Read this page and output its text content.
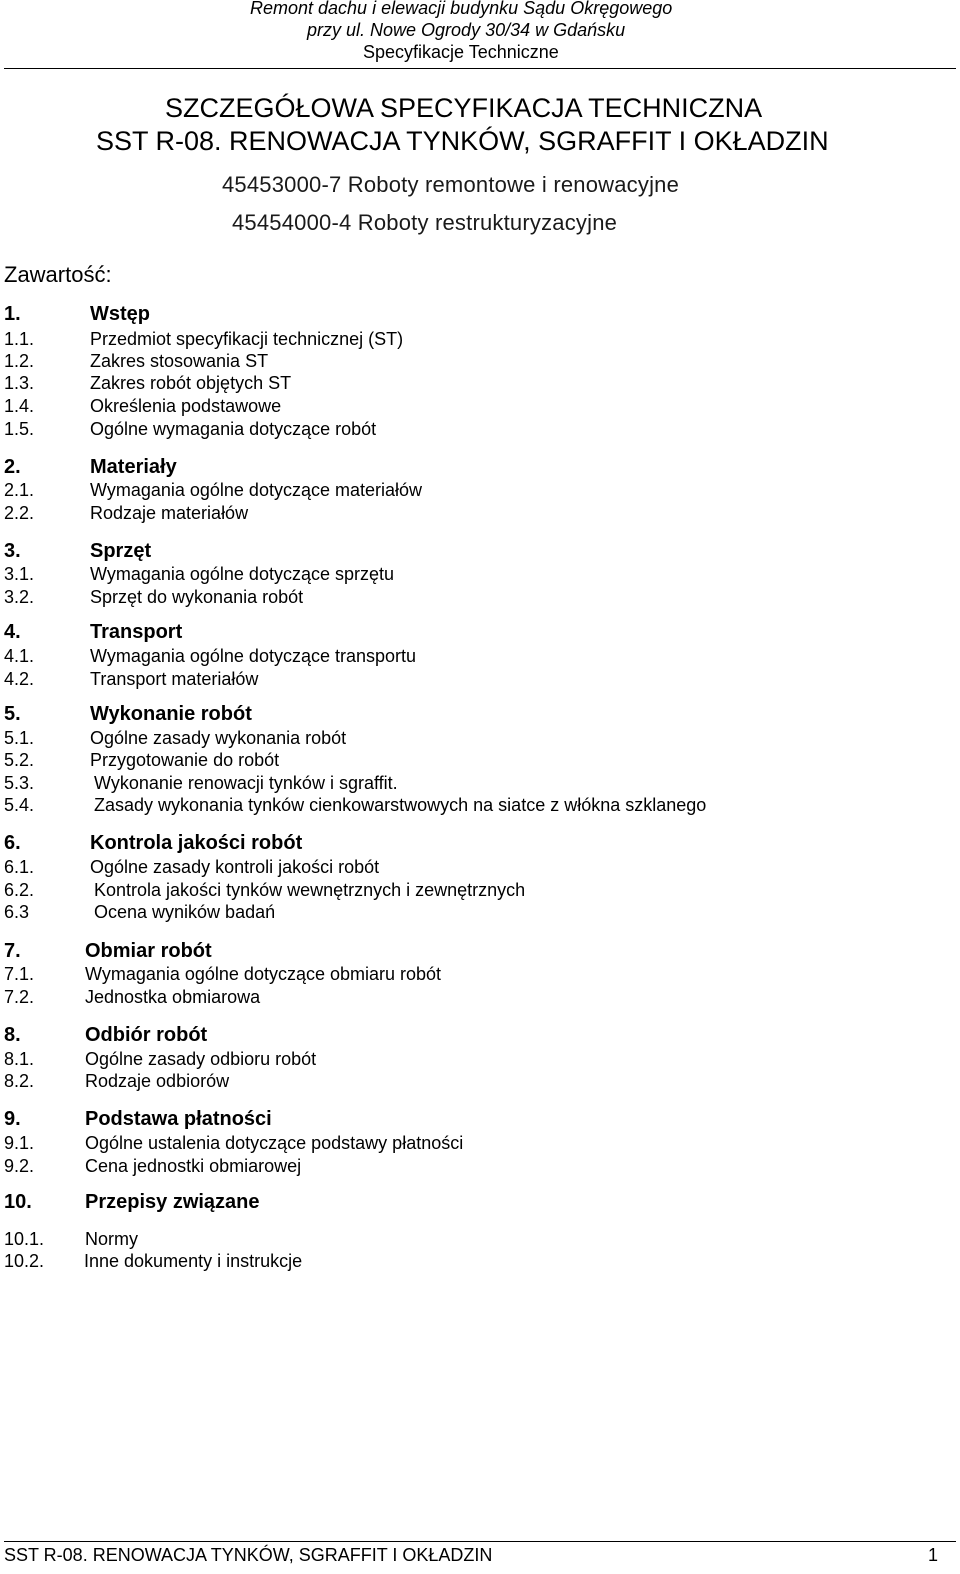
Remont dachu i elewacji budynku Sądu Okręgowego
przy ul. Nowe Ogrody 30/34 w Gdańsku
Specyfikacje Techniczne
SZCZEGÓŁOWA SPECYFIKACJA TECHNICZNA
SST R-08. RENOWACJA TYNKÓW, SGRAFFIT I OKŁADZIN
45453000-7 Roboty remontowe i renowacyjne
45454000-4 Roboty restrukturyzacyjne
Zawartość:
1.	Wstęp
1.1.	Przedmiot specyfikacji technicznej (ST)
1.2.	Zakres stosowania ST
1.3.	Zakres robót objętych ST
1.4.	Określenia podstawowe
1.5.	Ogólne wymagania dotyczące robót
2.	Materiały
2.1.	Wymagania ogólne dotyczące materiałów
2.2.	Rodzaje materiałów
3.	Sprzęt
3.1.	Wymagania ogólne dotyczące sprzętu
3.2.	Sprzęt do wykonania robót
4.	Transport
4.1.	Wymagania ogólne dotyczące transportu
4.2.	Transport materiałów
5.	Wykonanie robót
5.1.	Ogólne zasady wykonania robót
5.2.	Przygotowanie do robót
5.3.	Wykonanie renowacji tynków i sgraffit.
5.4.	Zasady wykonania tynków cienkowarstwowych na siatce z włókna szklanego
6.	Kontrola jakości robót
6.1.	Ogólne zasady kontroli jakości robót
6.2.	Kontrola jakości tynków wewnętrznych i zewnętrznych
6.3	Ocena wyników badań
7.	Obmiar robót
7.1.	Wymagania ogólne dotyczące obmiaru robót
7.2.	Jednostka obmiarowa
8.	Odbiór robót
8.1.	Ogólne zasady odbioru robót
8.2.	Rodzaje odbiorów
9.	Podstawa płatności
9.1.	Ogólne ustalenia dotyczące podstawy płatności
9.2.	Cena jednostki obmiarowej
10.	Przepisy związane
10.1. Normy
10.2. Inne dokumenty i instrukcje
SST R-08. RENOWACJA TYNKÓW, SGRAFFIT I OKŁADZIN	1
